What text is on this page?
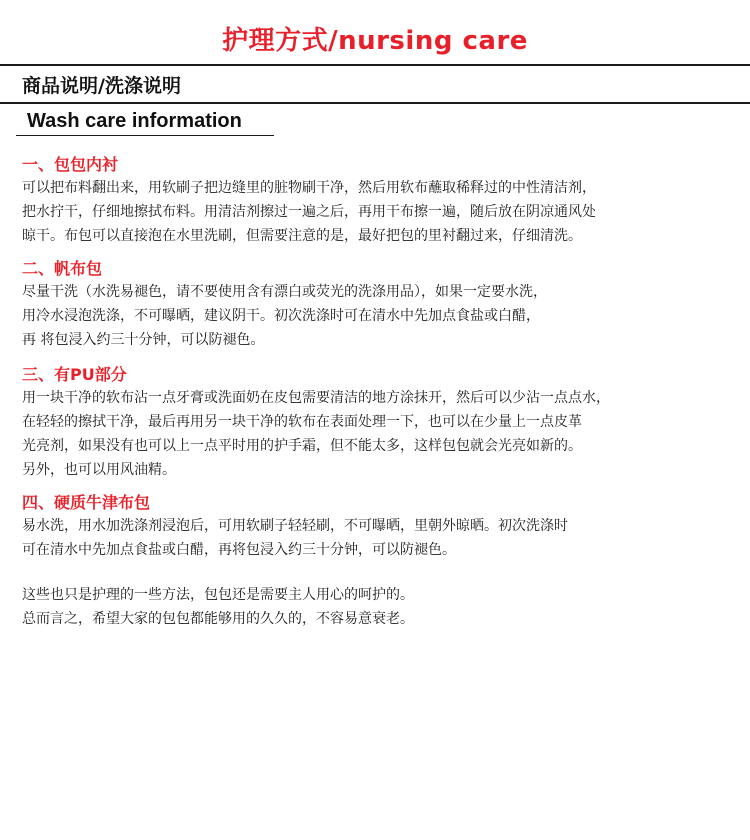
护理方式/nursing care
商品说明/洗涤说明
Wash care information
一、包包内衬
可以把布料翻出来，用软刷子把边缝里的脏物刷干净，然后用软布蘸取稀释过的中性清洁剂，
把水拧干，仔细地擦拭布料。用清洁剂擦过一遍之后，再用干布擦一遍，随后放在阴凉通风处
晾干。布包可以直接泡在水里洗刷，但需要注意的是，最好把包的里衬翻过来，仔细清洗。
二、帆布包
尽量干洗（水洗易褪色，请不要使用含有漂白或荧光的洗涤用品），如果一定要水洗，
用冷水浸泡洗涤，不可曝晒，建议阴干。初次洗涤时可在清水中先加点食盐或白醋，
再 将包浸入约三十分钟，可以防褪色。
三、有PU部分
用一块干净的软布沾一点牙膏或洗面奶在皮包需要清洁的地方涂抹开，然后可以少沾一点点水，
在轻轻的擦拭干净，最后再用另一块干净的软布在表面处理一下，也可以在少量上一点皮革
光亮剂，如果没有也可以上一点平时用的护手霜，但不能太多，这样包包就会光亮如新的。
另外，也可以用风油精。
四、硬质牛津布包
易水洗，用水加洗涤剂浸泡后，可用软刷子轻轻刷，不可曝晒，里朝外晾晒。初次洗涤时
可在清水中先加点食盐或白醋，再将包浸入约三十分钟，可以防褪色。
这些也只是护理的一些方法，包包还是需要主人用心的呵护的。
总而言之，希望大家的包包都能够用的久久的，不容易意衰老。
